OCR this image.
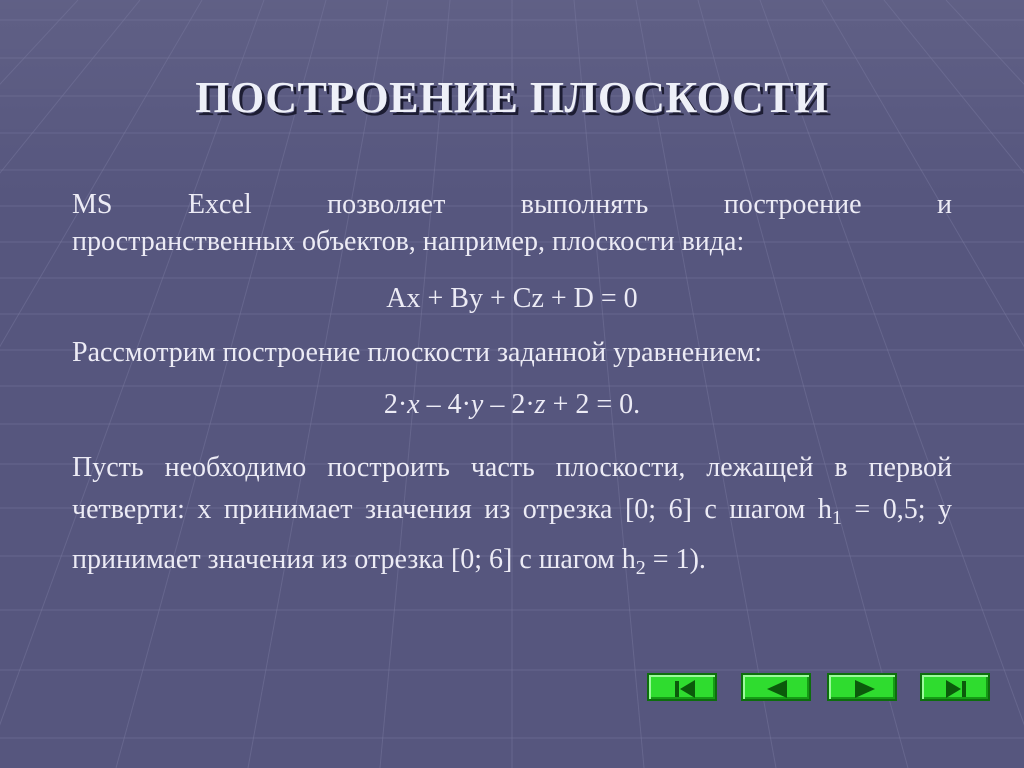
ПОСТРОЕНИЕ ПЛОСКОСТИ
MS	Excel	позволяет	выполнять	построение	и
пространственных объектов, например, плоскости вида:
Ax + By + Cz + D = 0
Рассмотрим построение плоскости заданной уравнением:
2·x – 4·y – 2·z + 2 = 0.
Пусть необходимо построить часть плоскости, лежащей в первой четверти: x принимает значения из отрезка [0; 6] с шагом $h_1 = 0,5$; y принимает значения из отрезка [0; 6] с шагом $h_2 = 1$).
